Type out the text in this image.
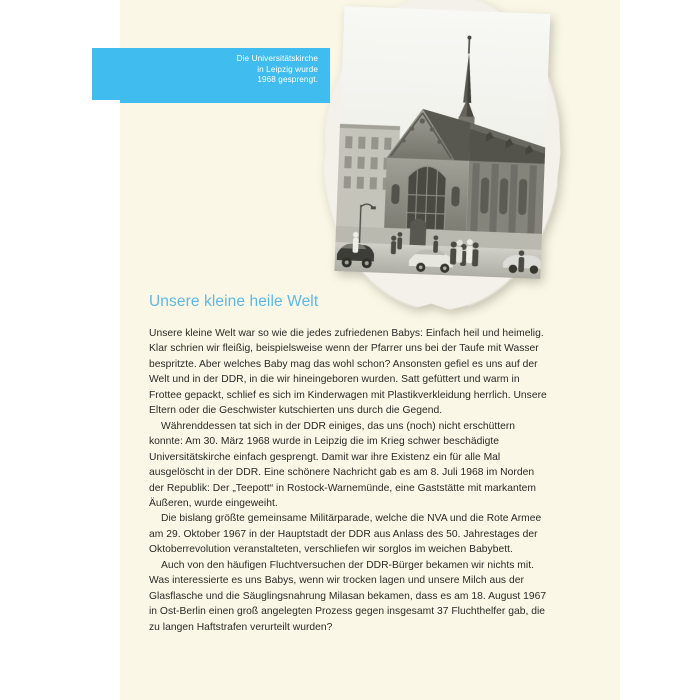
Die Universitätskirche
in Leipzig wurde
1968 gesprengt.
Unsere kleine heile Welt

Unsere kleine Welt war so wie die jedes zufriedenen Babys: Einfach heil und heimelig. Klar schrien wir fleißig, beispielsweise wenn der Pfarrer uns bei der Taufe mit Wasser bespritzte. Aber welches Baby mag das wohl schon? Ansonsten gefiel es uns auf der Welt und in der DDR, in die wir hineingeboren wurden. Satt gefüttert und warm in Frottee gepackt, schlief es sich im Kinderwagen mit Plastikverkleidung herrlich. Unsere Eltern oder die Geschwister kutschierten uns durch die Gegend.

Währenddessen tat sich in der DDR einiges, das uns (noch) nicht erschüttern konnte: Am 30. März 1968 wurde in Leipzig die im Krieg schwer beschädigte Universitätskirche einfach gesprengt. Damit war ihre Existenz ein für alle Mal ausgelöscht in der DDR. Eine schönere Nachricht gab es am 8. Juli 1968 im Norden der Republik: Der „Teepott“ in Rostock-Warnemünde, eine Gaststätte mit markantem Äußeren, wurde eingeweiht.

Die bislang größte gemeinsame Militärparade, welche die NVA und die Rote Armee am 29. Oktober 1967 in der Hauptstadt der DDR aus Anlass des 50. Jahrestages der Oktoberrevolution veranstalteten, verschliefen wir sorglos im weichen Babybett.

Auch von den häufigen Fluchtversuchen der DDR-Bürger bekamen wir nichts mit. Was interessierte es uns Babys, wenn wir trocken lagen und unsere Milch aus der Glasflasche und die Säuglingsnahrung Milasan bekamen, dass es am 18. August 1967 in Ost-Berlin einen groß angelegten Prozess gegen insgesamt 37 Fluchthelfer gab, die zu langen Haftstrafen verurteilt wurden?
